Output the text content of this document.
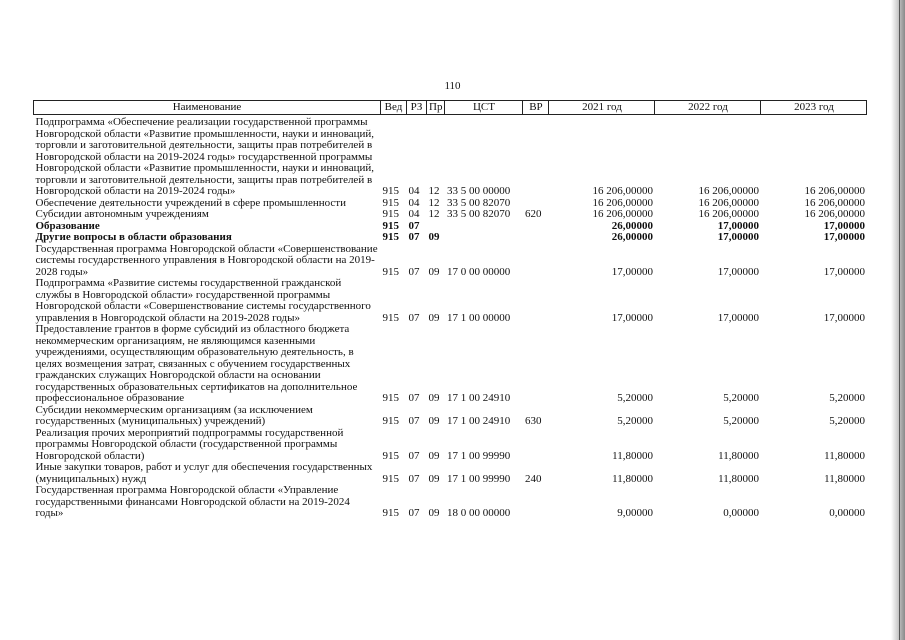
110
Наименование	Вед	РЗ	Пр	ЦСТ	ВР	2021 год	2022 год	2023 год
Подпрограмма «Обеспечение реализации государственной программы Новгородской области «Развитие промышленности, науки и инноваций, торговли и заготовительной деятельности, защиты прав потребителей в Новгородской области на 2019-2024 годы» государственной программы Новгородской области «Развитие промышленности, науки и инноваций, торговли и заготовительной деятельности, защиты прав потребителей в Новгородской области на 2019-2024 годы»	915	04	12	33 5 00 00000		16 206,00000	16 206,00000	16 206,00000
Обеспечение деятельности учреждений в сфере промышленности	915	04	12	33 5 00 82070		16 206,00000	16 206,00000	16 206,00000
Субсидии автономным учреждениям	915	04	12	33 5 00 82070	620	16 206,00000	16 206,00000	16 206,00000
Образование	915	07				26,00000	17,00000	17,00000
Другие вопросы в области образования	915	07	09			26,00000	17,00000	17,00000
Государственная программа Новгородской области «Совершенствование системы государственного управления в Новгородской области на 2019-2028 годы»	915	07	09	17 0 00 00000		17,00000	17,00000	17,00000
Подпрограмма «Развитие системы государственной гражданской службы в Новгородской области» государственной программы Новгородской области «Совершенствование системы государственного управления в Новгородской области на 2019-2028 годы»	915	07	09	17 1 00 00000		17,00000	17,00000	17,00000
Предоставление грантов в форме субсидий из областного бюджета некоммерческим организациям, не являющимся казенными учреждениями, осуществляющим образовательную деятельность, в целях возмещения затрат, связанных с обучением государственных гражданских служащих Новгородской области на основании государственных образовательных сертификатов на дополнительное профессиональное образование	915	07	09	17 1 00 24910		5,20000	5,20000	5,20000
Субсидии некоммерческим организациям (за исключением государственных (муниципальных) учреждений)	915	07	09	17 1 00 24910	630	5,20000	5,20000	5,20000
Реализация прочих мероприятий подпрограммы государственной программы Новгородской области (государственной программы Новгородской области)	915	07	09	17 1 00 99990		11,80000	11,80000	11,80000
Иные закупки товаров, работ и услуг для обеспечения государственных (муниципальных) нужд	915	07	09	17 1 00 99990	240	11,80000	11,80000	11,80000
Государственная программа Новгородской области «Управление государственными финансами Новгородской области на 2019-2024 годы»	915	07	09	18 0 00 00000		9,00000	0,00000	0,00000
